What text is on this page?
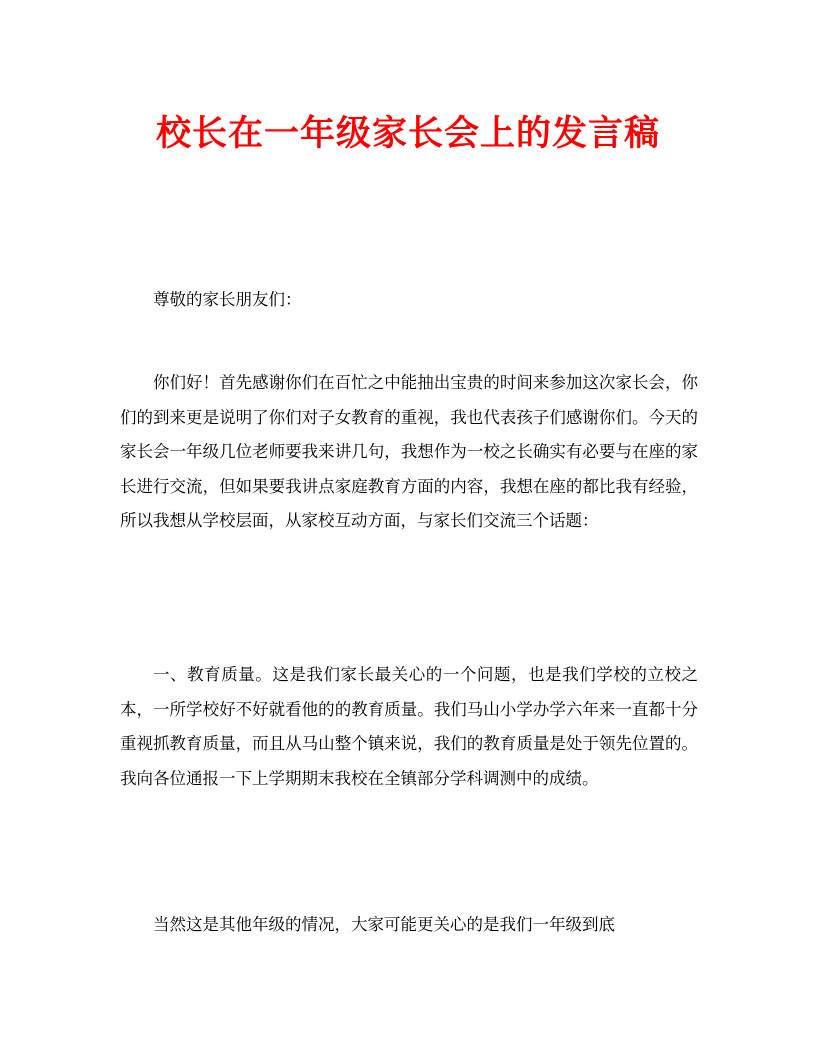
校长在一年级家长会上的发言稿

尊敬的家长朋友们：

你们好！首先感谢你们在百忙之中能抽出宝贵的时间来参加这次家长会，你们的到来更是说明了你们对子女教育的重视，我也代表孩子们感谢你们。今天的家长会一年级几位老师要我来讲几句，我想作为一校之长确实有必要与在座的家长进行交流，但如果要我讲点家庭教育方面的内容，我想在座的都比我有经验，所以我想从学校层面，从家校互动方面，与家长们交流三个话题：

一、教育质量。这是我们家长最关心的一个问题，也是我们学校的立校之本，一所学校好不好就看他的的教育质量。我们马山小学办学六年来一直都十分重视抓教育质量，而且从马山整个镇来说，我们的教育质量是处于领先位置的。我向各位通报一下上学期期末我校在全镇部分学科调测中的成绩。

当然这是其他年级的情况，大家可能更关心的是我们一年级到底
